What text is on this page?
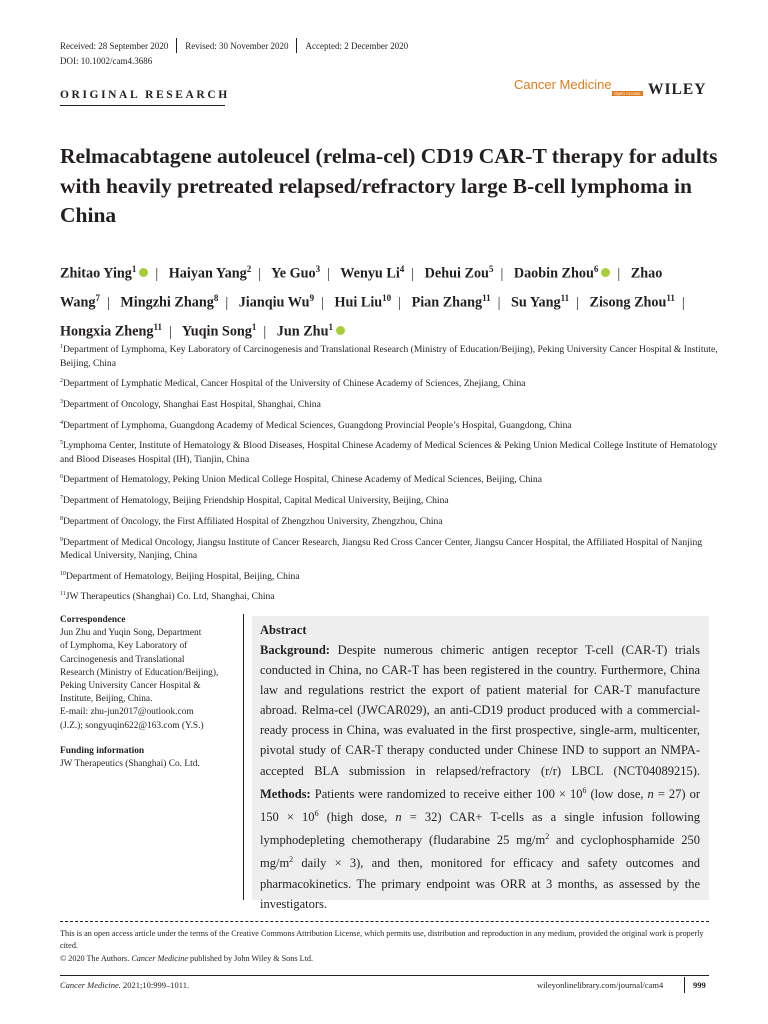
Received: 28 September 2020 Revised: 30 November 2020 Accepted: 2 December 2020
DOI: 10.1002/cam4.3686
ORIGINAL RESEARCH
Cancer Medicine
Open Access WILEY
Relmacabtagene autoleucel (relma-cel) CD19 CAR-T therapy for adults with heavily pretreated relapsed/refractory large B-cell lymphoma in China
Zhitao Ying$^1$ | Haiyan Yang$^2$ | Ye Guo$^3$ | Wenyu Li$^4$ | Dehui Zou$^5$ | Daobin Zhou$^6$ | Zhao Wang$^7$ | Mingzhi Zhang$^8$ | Jianqiu Wu$^9$ | Hui Liu$^{10}$ | Pian Zhang$^{11}$ | Su Yang$^{11}$ | Zisong Zhou$^{11}$ | Hongxia Zheng$^{11}$ | Yuqin Song$^1$ | Jun Zhu$^1$

$^1$Department of Lymphoma, Key Laboratory of Carcinogenesis and Translational Research (Ministry of Education/Beijing), Peking University Cancer Hospital & Institute, Beijing, China

$^2$Department of Lymphatic Medical, Cancer Hospital of the University of Chinese Academy of Sciences, Zhejiang, China

$^3$Department of Oncology, Shanghai East Hospital, Shanghai, China

$^4$Department of Lymphoma, Guangdong Academy of Medical Sciences, Guangdong Provincial People’s Hospital, Guangdong, China

$^5$Lymphoma Center, Institute of Hematology & Blood Diseases, Hospital Chinese Academy of Medical Sciences & Peking Union Medical College Institute of Hematology and Blood Diseases Hospital (IH), Tianjin, China

$^6$Department of Hematology, Peking Union Medical College Hospital, Chinese Academy of Medical Sciences, Beijing, China

$^7$Department of Hematology, Beijing Friendship Hospital, Capital Medical University, Beijing, China

$^8$Department of Oncology, the First Affiliated Hospital of Zhengzhou University, Zhengzhou, China

$^9$Department of Medical Oncology, Jiangsu Institute of Cancer Research, Jiangsu Red Cross Cancer Center, Jiangsu Cancer Hospital, the Affiliated Hospital of Nanjing Medical University, Nanjing, China

$^{10}$Department of Hematology, Beijing Hospital, Beijing, China

$^{11}$JW Therapeutics (Shanghai) Co. Ltd, Shanghai, China

Correspondence
Jun Zhu and Yuqin Song, Department
of Lymphoma, Key Laboratory of
Carcinogenesis and Translational
Research (Ministry of Education/Beijing),
Peking University Cancer Hospital &
Institute, Beijing, China.
E-mail: zhu-jun2017@outlook.com
(J.Z.); songyuqin622@163.com (Y.S.)
Funding information
JW Therapeutics (Shanghai) Co. Ltd.
Abstract
Background: Despite numerous chimeric antigen receptor T-cell (CAR-T) trials conducted in China, no CAR-T has been registered in the country. Furthermore, China law and regulations restrict the export of patient material for CAR-T manufacture abroad. Relma-cel (JWCAR029), an anti-CD19 product produced with a commercial-ready process in China, was evaluated in the first prospective, single-arm, multicenter, pivotal study of CAR-T therapy conducted under Chinese IND to support an NMPA-accepted BLA submission in relapsed/refractory (r/r) LBCL (NCT04089215). Methods: Patients were randomized to receive either $100 \times 10^6$ (low dose, n = 27) or $150 \times 10^6$ (high dose, n = 32) CAR+ T-cells as a single infusion following lymphodepleting chemotherapy (fludarabine 25 $mg/m^2$ and cyclophosphamide 250 $mg/m^2$ daily × 3), and then, monitored for efficacy and safety outcomes and pharmacokinetics. The primary endpoint was ORR at 3 months, as assessed by the investigators.

This is an open access article under the terms of the Creative Commons Attribution License, which permits use, distribution and reproduction in any medium, provided the original work is properly cited.

© 2020 The Authors. Cancer Medicine published by John Wiley & Sons Ltd.

Cancer Medicine. 2021;10:999–1011.	wileyonlinelibrary.com/journal/cam4	999
